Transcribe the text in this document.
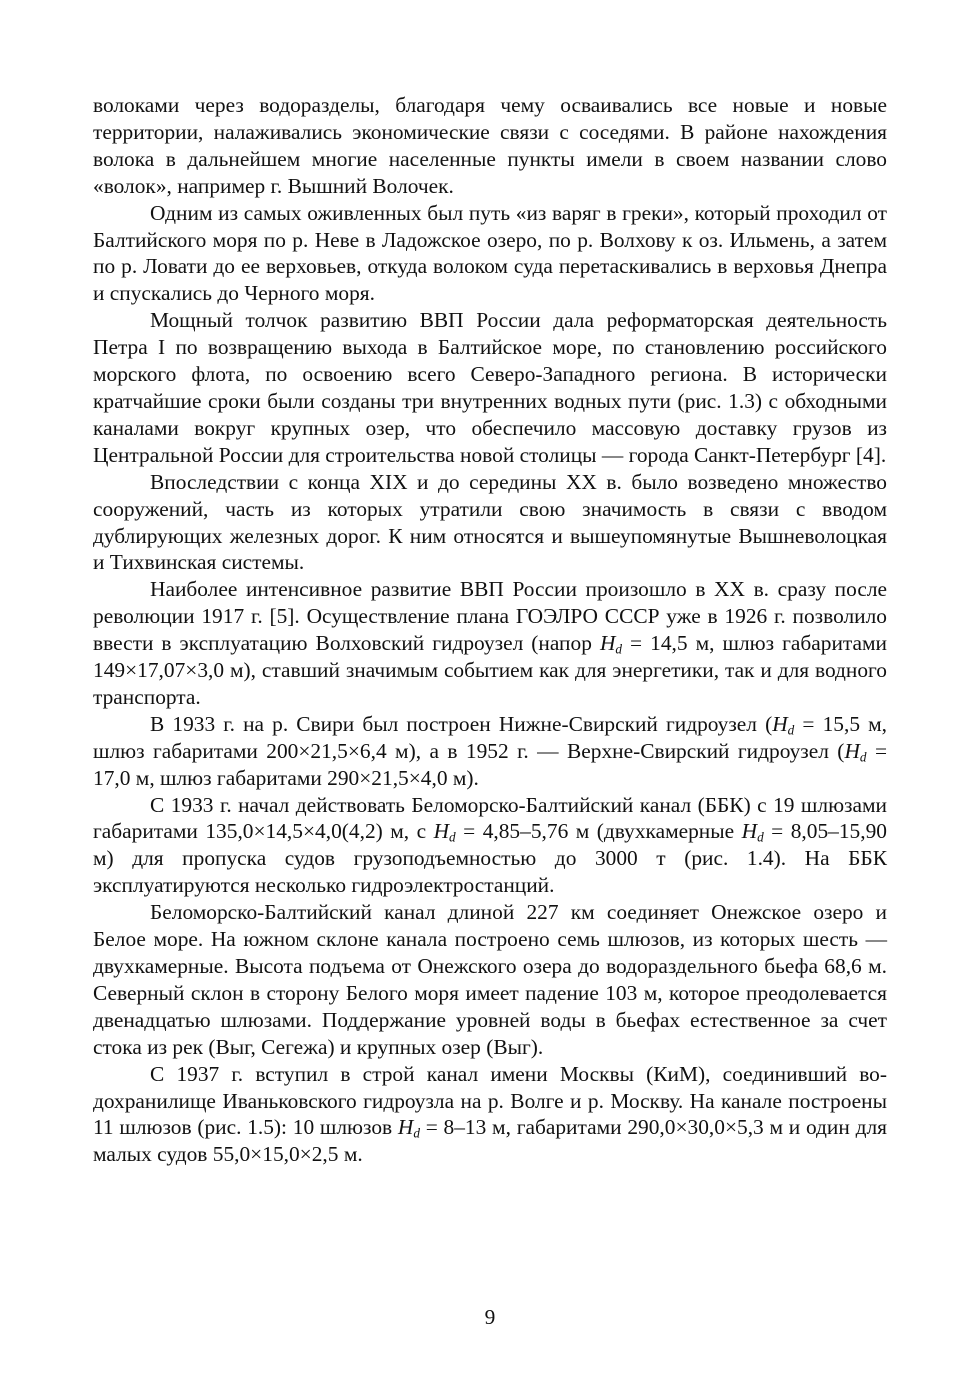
волоками через водоразделы, благодаря чему осваивались все новые и новые территории, налаживались экономические связи с соседями. В районе нахождения волока в дальнейшем многие населенные пункты имели в своем названии слово «волок», например г. Вышний Волочек.

Одним из самых оживленных был путь «из варяг в греки», который проходил от Балтийского моря по р. Неве в Ладожское озеро, по р. Волхову к оз. Ильмень, а затем по р. Ловати до ее верховьев, откуда волоком суда перетаскивались в верховья Днепра и спускались до Черного моря.

Мощный толчок развитию ВВП России дала реформаторская деятельность Петра I по возвращению выхода в Балтийское море, по становлению российского морского флота, по освоению всего Северо-Западного региона. В исторически кратчайшие сроки были созданы три внутренних водных пути (рис. 1.3) с обходными каналами вокруг крупных озер, что обеспечило массовую доставку грузов из Центральной России для строительства новой столицы — города Санкт-Петербург [4].

Впоследствии с конца XIX и до середины XX в. было возведено множество сооружений, часть из которых утратили свою значимость в связи с вводом дублирующих железных дорог. К ним относятся и вышеупомянутые Вышневолоцкая и Тихвинская системы.

Наиболее интенсивное развитие ВВП России произошло в XX в. сразу после революции 1917 г. [5]. Осуществление плана ГОЭЛРО СССР уже в 1926 г. позволило ввести в эксплуатацию Волховский гидроузел (напор $H_d = 14,5$ м, шлюз габаритами 149×17,07×3,0 м), ставший значимым событием как для энергетики, так и для водного транспорта.

В 1933 г. на р. Свири был построен Нижне-Свирский гидроузел ($H_d = 15,5$ м, шлюз габаритами 200×21,5×6,4 м), а в 1952 г. — Верхне-Свирский гидроузел ($H_d = 17,0$ м, шлюз габаритами 290×21,5×4,0 м).

С 1933 г. начал действовать Беломорско-Балтийский канал (ББК) с 19 шлюзами габаритами 135,0×14,5×4,0(4,2) м, с $H_d = 4,85-5,76$ м (двухкамерные $H_d = 8,05-15,90$ м) для пропуска судов грузоподъемностью до 3000 т (рис. 1.4). На ББК эксплуатируются несколько гидроэлектростанций.

Беломорско-Балтийский канал длиной 227 км соединяет Онежское озеро и Белое море. На южном склоне канала построено семь шлюзов, из которых шесть — двухкамерные. Высота подъема от Онежского озера до водораздельного бьефа 68,6 м. Северный склон в сторону Белого моря имеет падение 103 м, которое преодолевается двенадцатью шлюзами. Поддержание уровней воды в бьефах естественное за счет стока из рек (Выг, Сегежа) и крупных озер (Выг).

С 1937 г. вступил в строй канал имени Москвы (КиМ), соединивший водохранилище Иваньковского гидроузла на р. Волге и р. Москву. На канале построены 11 шлюзов (рис. 1.5): 10 шлюзов $H_d = 8-13$ м, габаритами 290,0×30,0×5,3 м и один для малых судов 55,0×15,0×2,5 м.

9
